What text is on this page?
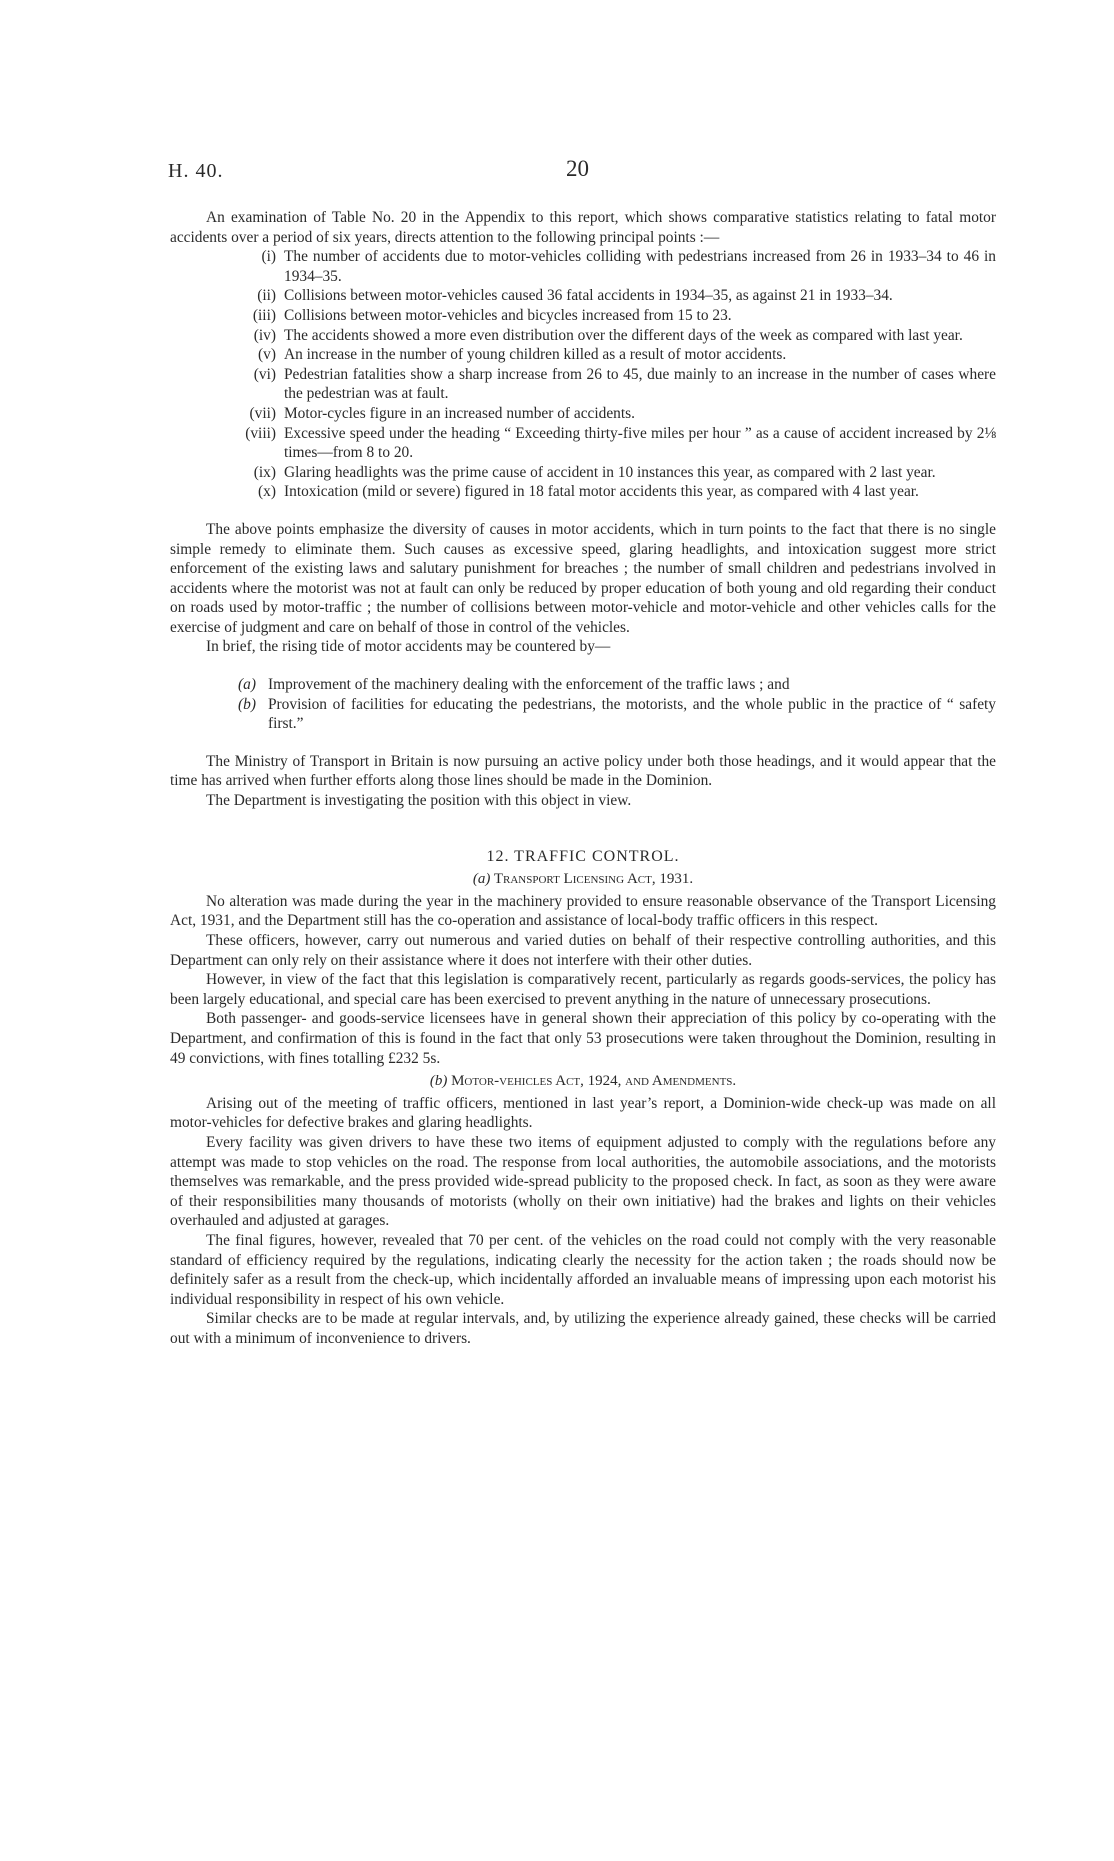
H. 40.	20

An examination of Table No. 20 in the Appendix to this report, which shows comparative statistics relating to fatal motor accidents over a period of six years, directs attention to the following principal points :—

(i) The number of accidents due to motor-vehicles colliding with pedestrians increased from 26 in 1933–34 to 46 in 1934–35.
(ii) Collisions between motor-vehicles caused 36 fatal accidents in 1934–35, as against 21 in 1933–34.
(iii) Collisions between motor-vehicles and bicycles increased from 15 to 23.
(iv) The accidents showed a more even distribution over the different days of the week as compared with last year.
(v) An increase in the number of young children killed as a result of motor accidents.
(vi) Pedestrian fatalities show a sharp increase from 26 to 45, due mainly to an increase in the number of cases where the pedestrian was at fault.
(vii) Motor-cycles figure in an increased number of accidents.
(viii) Excessive speed under the heading “ Exceeding thirty-five miles per hour ” as a cause of accident increased by 2⅛ times—from 8 to 20.
(ix) Glaring headlights was the prime cause of accident in 10 instances this year, as compared with 2 last year.
(x) Intoxication (mild or severe) figured in 18 fatal motor accidents this year, as compared with 4 last year.

The above points emphasize the diversity of causes in motor accidents, which in turn points to the fact that there is no single simple remedy to eliminate them. Such causes as excessive speed, glaring headlights, and intoxication suggest more strict enforcement of the existing laws and salutary punishment for breaches ; the number of small children and pedestrians involved in accidents where the motorist was not at fault can only be reduced by proper education of both young and old regarding their conduct on roads used by motor-traffic ; the number of collisions between motor-vehicle and motor-vehicle and other vehicles calls for the exercise of judgment and care on behalf of those in control of the vehicles.

In brief, the rising tide of motor accidents may be countered by—

(a) Improvement of the machinery dealing with the enforcement of the traffic laws ; and
(b) Provision of facilities for educating the pedestrians, the motorists, and the whole public in the practice of “ safety first.”

The Ministry of Transport in Britain is now pursuing an active policy under both those headings, and it would appear that the time has arrived when further efforts along those lines should be made in the Dominion.

The Department is investigating the position with this object in view.

12. TRAFFIC CONTROL.
(a) Transport Licensing Act, 1931.

No alteration was made during the year in the machinery provided to ensure reasonable observance of the Transport Licensing Act, 1931, and the Department still has the co-operation and assistance of local-body traffic officers in this respect.

These officers, however, carry out numerous and varied duties on behalf of their respective controlling authorities, and this Department can only rely on their assistance where it does not interfere with their other duties.

However, in view of the fact that this legislation is comparatively recent, particularly as regards goods-services, the policy has been largely educational, and special care has been exercised to prevent anything in the nature of unnecessary prosecutions.

Both passenger- and goods-service licensees have in general shown their appreciation of this policy by co-operating with the Department, and confirmation of this is found in the fact that only 53 prosecutions were taken throughout the Dominion, resulting in 49 convictions, with fines totalling £232 5s.

(b) Motor-vehicles Act, 1924, and Amendments.

Arising out of the meeting of traffic officers, mentioned in last year’s report, a Dominion-wide check-up was made on all motor-vehicles for defective brakes and glaring headlights.

Every facility was given drivers to have these two items of equipment adjusted to comply with the regulations before any attempt was made to stop vehicles on the road. The response from local authorities, the automobile associations, and the motorists themselves was remarkable, and the press provided wide-spread publicity to the proposed check. In fact, as soon as they were aware of their responsibilities many thousands of motorists (wholly on their own initiative) had the brakes and lights on their vehicles overhauled and adjusted at garages.

The final figures, however, revealed that 70 per cent. of the vehicles on the road could not comply with the very reasonable standard of efficiency required by the regulations, indicating clearly the necessity for the action taken ; the roads should now be definitely safer as a result from the check-up, which incidentally afforded an invaluable means of impressing upon each motorist his individual responsibility in respect of his own vehicle.

Similar checks are to be made at regular intervals, and, by utilizing the experience already gained, these checks will be carried out with a minimum of inconvenience to drivers.
